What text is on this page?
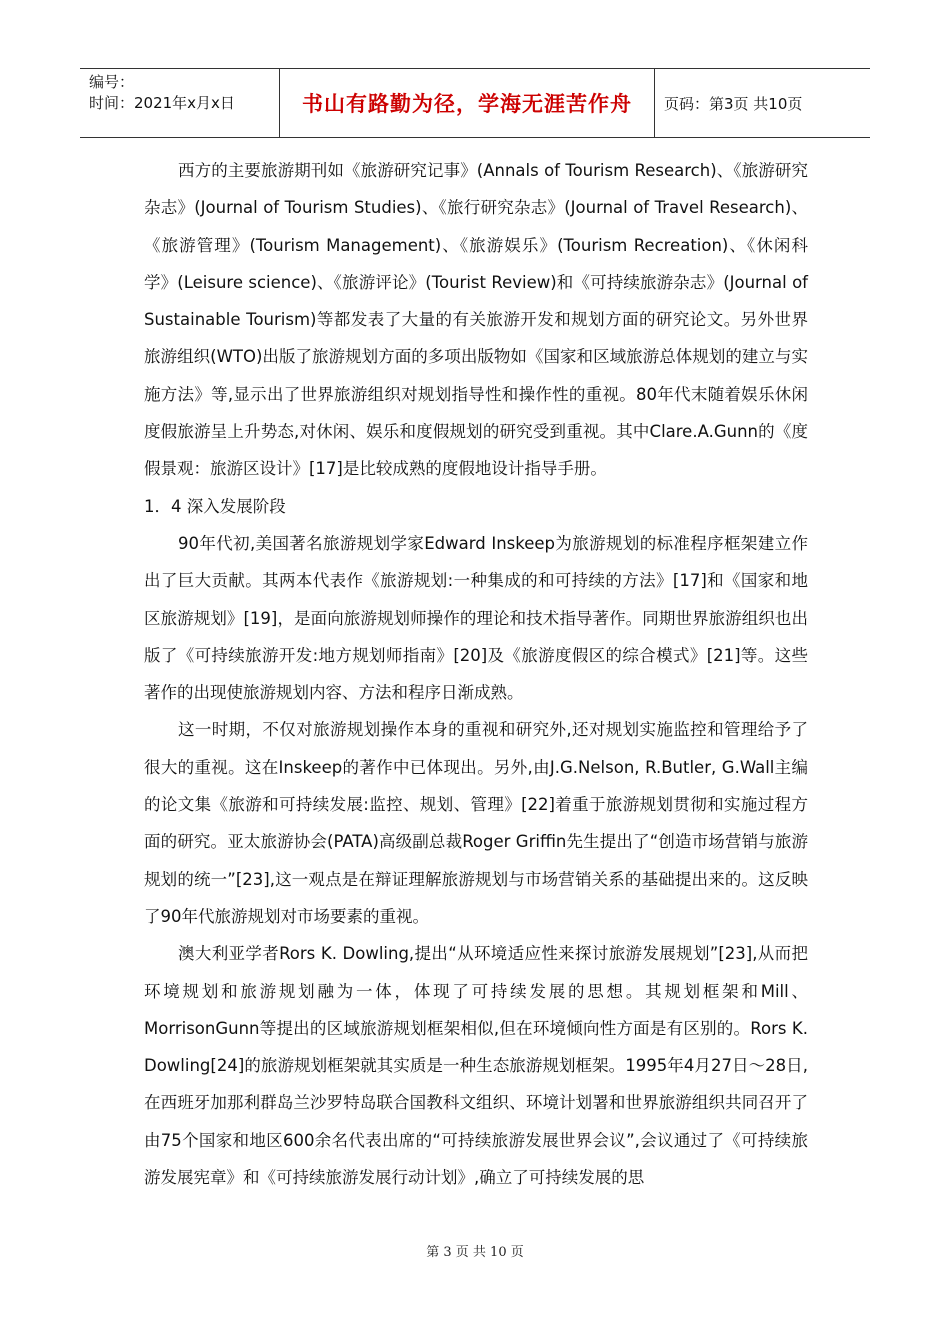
编号：
时间：2021年x月x日	书山有路勤为径，学海无涯苦作舟	页码：第3页 共10页

西方的主要旅游期刊如《旅游研究记事》(Annals of Tourism Research)、《旅游研究杂志》(Journal of Tourism Studies)、《旅行研究杂志》(Journal of Travel Research)、《旅游管理》(Tourism Management)、《旅游娱乐》(Tourism Recreation)、《休闲科学》(Leisure science)、《旅游评论》(Tourist Review)和《可持续旅游杂志》(Journal of Sustainable Tourism)等都发表了大量的有关旅游开发和规划方面的研究论文。另外世界旅游组织(WTO)出版了旅游规划方面的多项出版物如《国家和区域旅游总体规划的建立与实施方法》等,显示出了世界旅游组织对规划指导性和操作性的重视。80年代末随着娱乐休闲度假旅游呈上升势态,对休闲、娱乐和度假规划的研究受到重视。其中Clare.A.Gunn的《度假景观：旅游区设计》[17]是比较成熟的度假地设计指导手册。

1．4 深入发展阶段

90年代初,美国著名旅游规划学家Edward Inskeep为旅游规划的标准程序框架建立作出了巨大贡献。其两本代表作《旅游规划:一种集成的和可持续的方法》[17]和《国家和地区旅游规划》[19]，是面向旅游规划师操作的理论和技术指导著作。同期世界旅游组织也出版了《可持续旅游开发:地方规划师指南》[20]及《旅游度假区的综合模式》[21]等。这些著作的出现使旅游规划内容、方法和程序日渐成熟。

这一时期，不仅对旅游规划操作本身的重视和研究外,还对规划实施监控和管理给予了很大的重视。这在Inskeep的著作中已体现出。另外,由J.G.Nelson, R.Butler, G.Wall主编的论文集《旅游和可持续发展:监控、规划、管理》[22]着重于旅游规划贯彻和实施过程方面的研究。亚太旅游协会(PATA)高级副总裁Roger Griffin先生提出了“创造市场营销与旅游规划的统一”[23],这一观点是在辩证理解旅游规划与市场营销关系的基础提出来的。这反映了90年代旅游规划对市场要素的重视。

澳大利亚学者Rors K. Dowling,提出“从环境适应性来探讨旅游发展规划”[23],从而把环境规划和旅游规划融为一体，体现了可持续发展的思想。其规划框架和Mill、MorrisonGunn等提出的区域旅游规划框架相似,但在环境倾向性方面是有区别的。Rors K. Dowling[24]的旅游规划框架就其实质是一种生态旅游规划框架。1995年4月27日～28日,在西班牙加那利群岛兰沙罗特岛联合国教科文组织、环境计划署和世界旅游组织共同召开了由75个国家和地区600余名代表出席的“可持续旅游发展世界会议”,会议通过了《可持续旅游发展宪章》和《可持续旅游发展行动计划》,确立了可持续发展的思

第 3 页 共 10 页
